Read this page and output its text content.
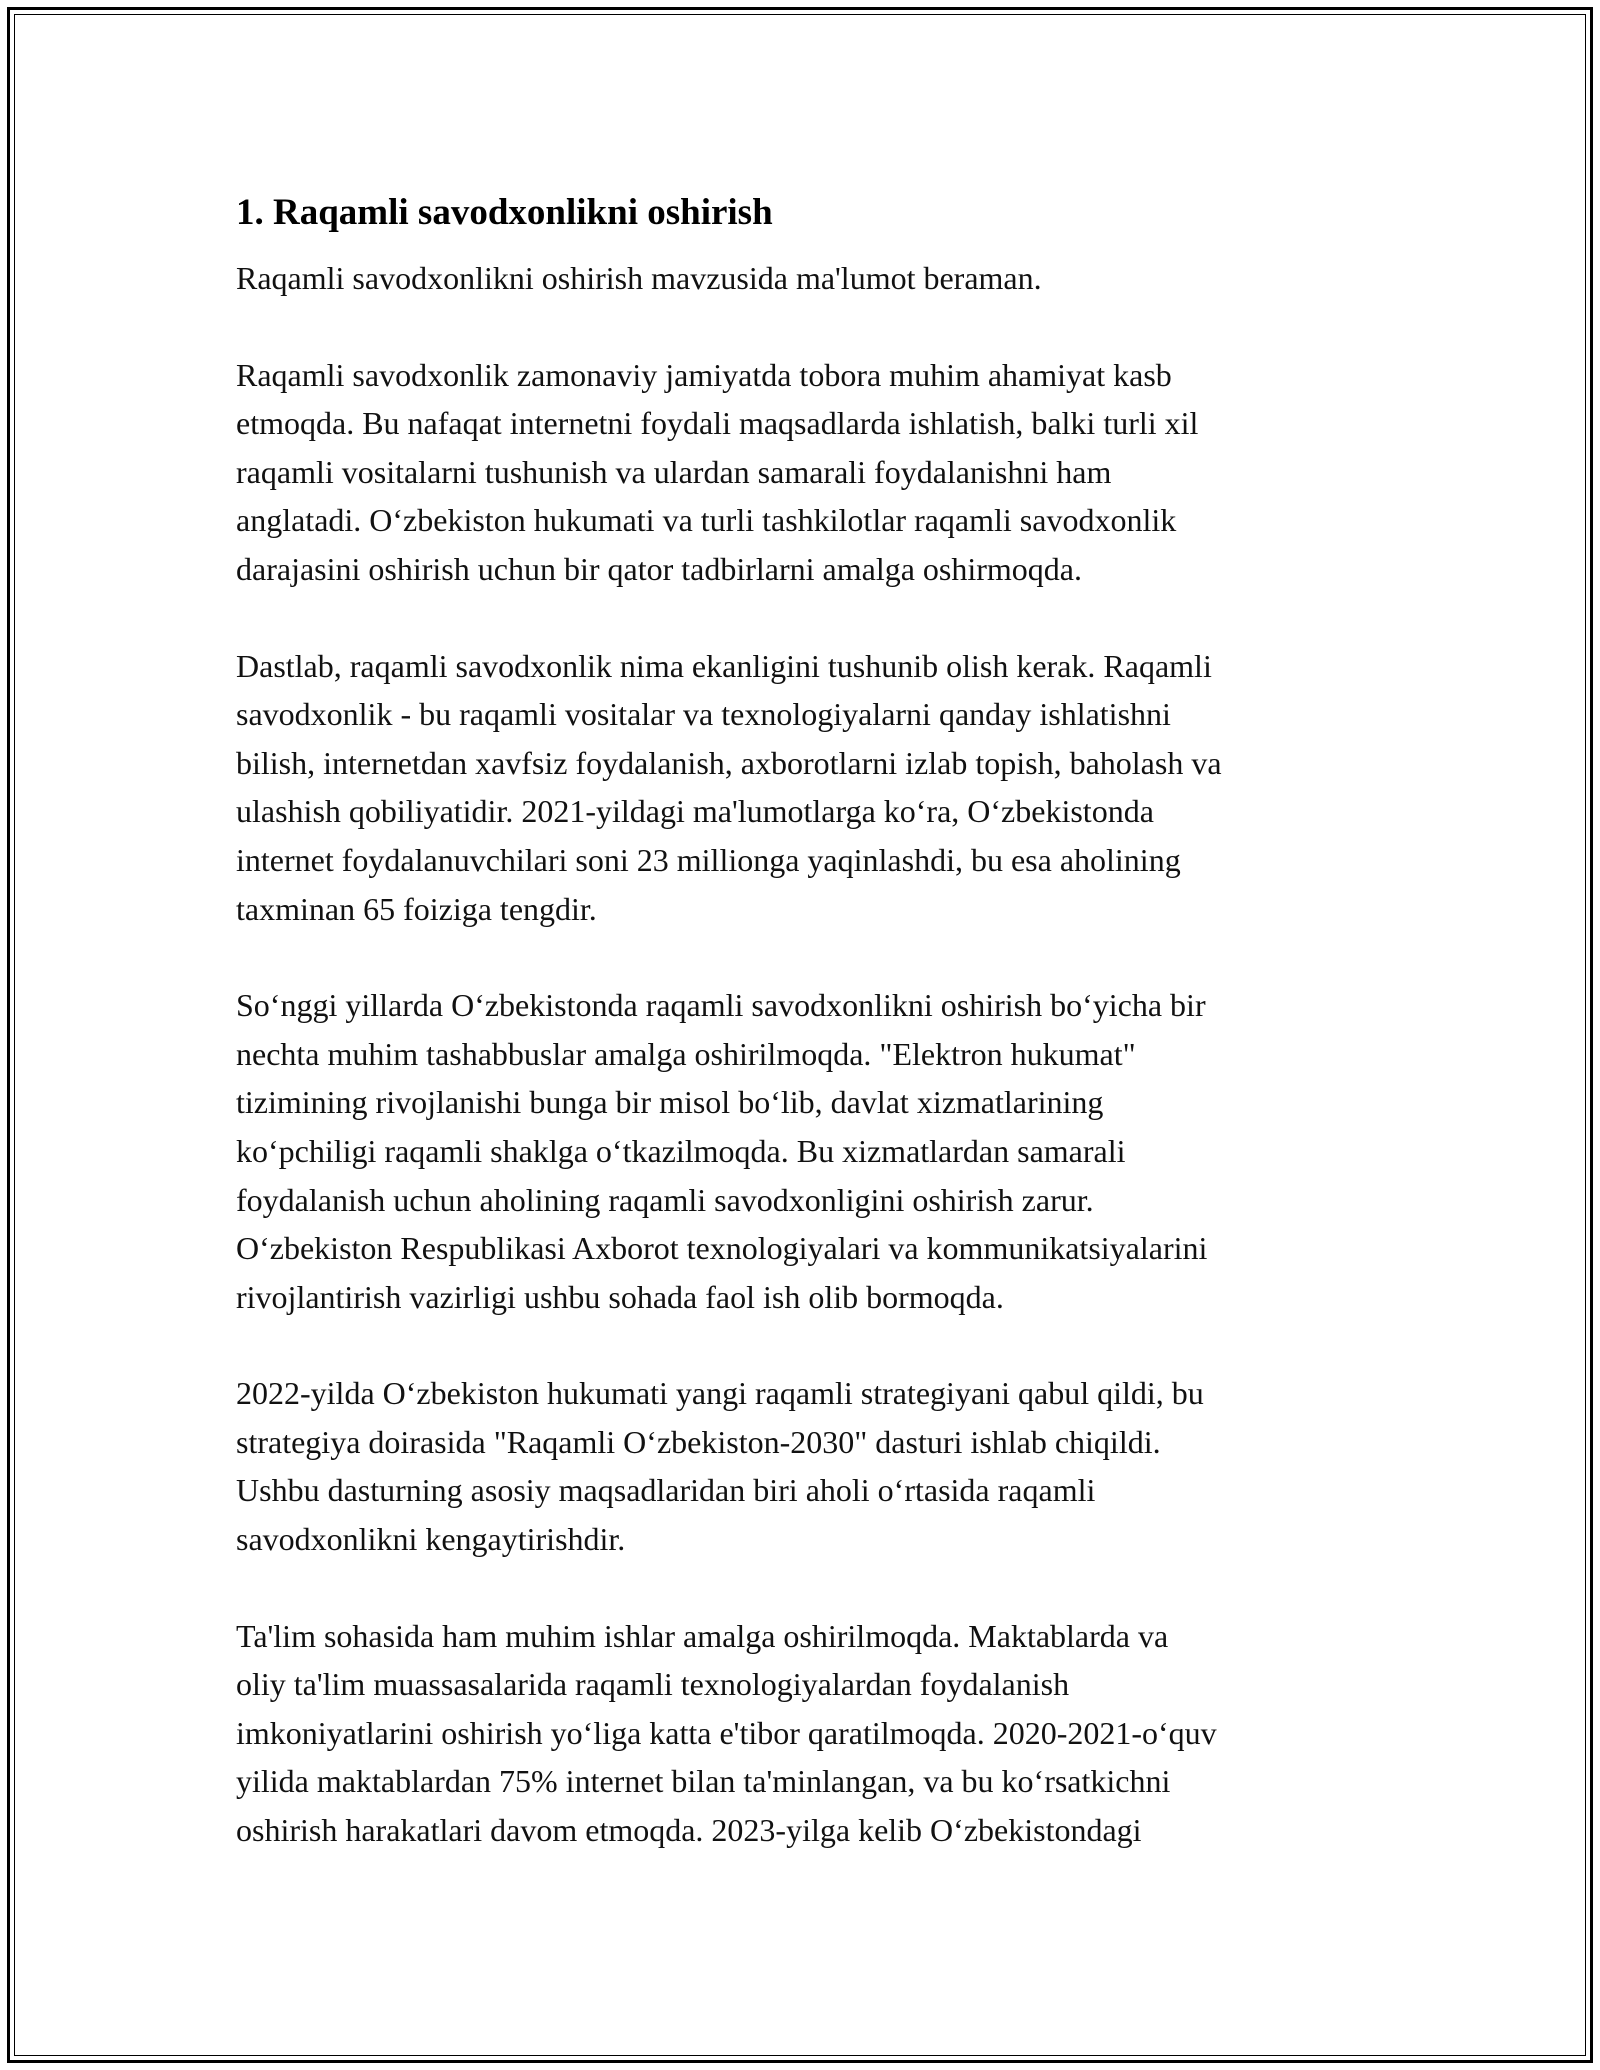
1. Raqamli savodxonlikni oshirish

Raqamli savodxonlikni oshirish mavzusida ma'lumot beraman.

Raqamli savodxonlik zamonaviy jamiyatda tobora muhim ahamiyat kasb
etmoqda. Bu nafaqat internetni foydali maqsadlarda ishlatish, balki turli xil
raqamli vositalarni tushunish va ulardan samarali foydalanishni ham
anglatadi. O‘zbekiston hukumati va turli tashkilotlar raqamli savodxonlik
darajasini oshirish uchun bir qator tadbirlarni amalga oshirmoqda.

Dastlab, raqamli savodxonlik nima ekanligini tushunib olish kerak. Raqamli
savodxonlik - bu raqamli vositalar va texnologiyalarni qanday ishlatishni
bilish, internetdan xavfsiz foydalanish, axborotlarni izlab topish, baholash va
ulashish qobiliyatidir. 2021-yildagi ma'lumotlarga ko‘ra, O‘zbekistonda
internet foydalanuvchilari soni 23 millionga yaqinlashdi, bu esa aholining
taxminan 65 foiziga tengdir.

So‘nggi yillarda O‘zbekistonda raqamli savodxonlikni oshirish bo‘yicha bir
nechta muhim tashabbuslar amalga oshirilmoqda. "Elektron hukumat"
tizimining rivojlanishi bunga bir misol bo‘lib, davlat xizmatlarining
ko‘pchiligi raqamli shaklga o‘tkazilmoqda. Bu xizmatlardan samarali
foydalanish uchun aholining raqamli savodxonligini oshirish zarur.
O‘zbekiston Respublikasi Axborot texnologiyalari va kommunikatsiyalarini
rivojlantirish vazirligi ushbu sohada faol ish olib bormoqda.

2022-yilda O‘zbekiston hukumati yangi raqamli strategiyani qabul qildi, bu
strategiya doirasida "Raqamli O‘zbekiston-2030" dasturi ishlab chiqildi.
Ushbu dasturning asosiy maqsadlaridan biri aholi o‘rtasida raqamli
savodxonlikni kengaytirishdir.

Ta'lim sohasida ham muhim ishlar amalga oshirilmoqda. Maktablarda va
oliy ta'lim muassasalarida raqamli texnologiyalardan foydalanish
imkoniyatlarini oshirish yo‘liga katta e'tibor qaratilmoqda. 2020-2021-o‘quv
yilida maktablardan 75% internet bilan ta'minlangan, va bu ko‘rsatkichni
oshirish harakatlari davom etmoqda. 2023-yilga kelib O‘zbekistondagi
